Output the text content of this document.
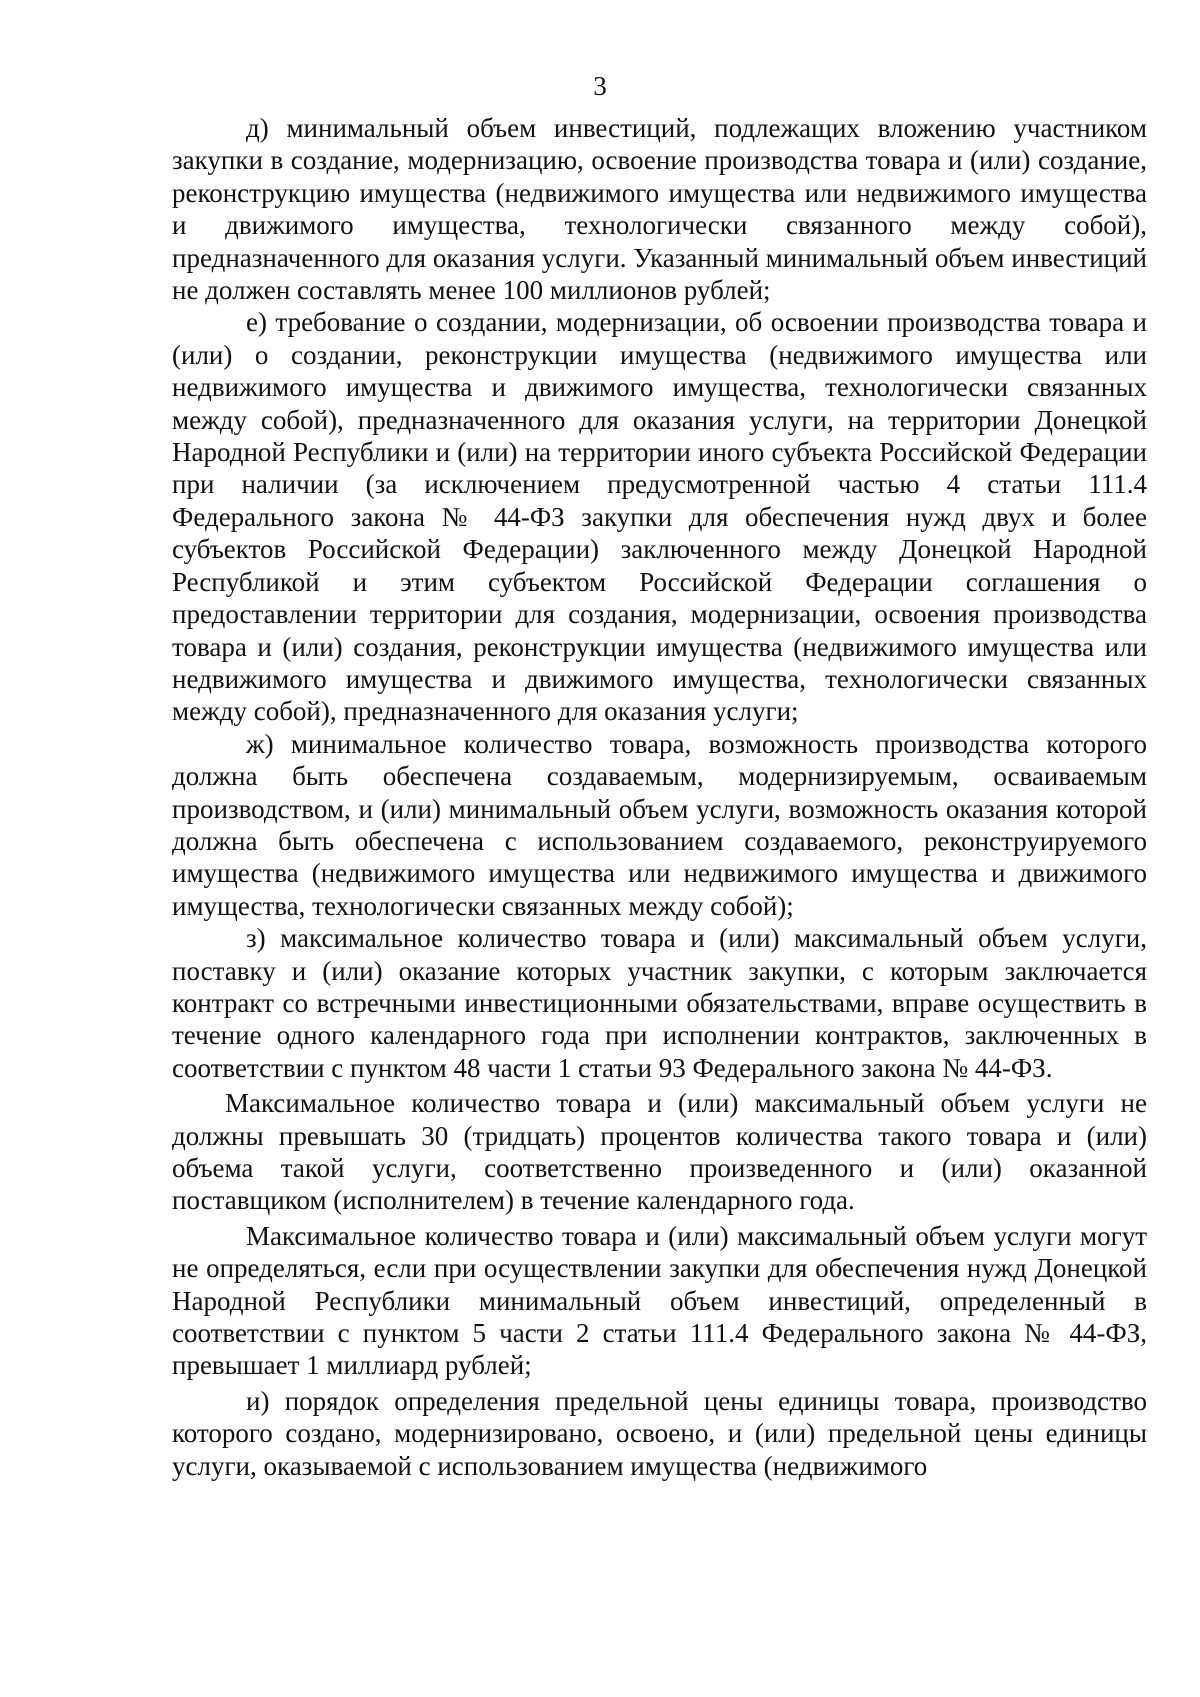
3

д) минимальный объем инвестиций, подлежащих вложению участником закупки в создание, модернизацию, освоение производства товара и (или) создание, реконструкцию имущества (недвижимого имущества или недвижимого имущества и движимого имущества, технологически связанного между собой), предназначенного для оказания услуги. Указанный минимальный объем инвестиций не должен составлять менее 100 миллионов рублей;

е) требование о создании, модернизации, об освоении производства товара и (или) о создании, реконструкции имущества (недвижимого имущества или недвижимого имущества и движимого имущества, технологически связанных между собой), предназначенного для оказания услуги, на территории Донецкой Народной Республики и (или) на территории иного субъекта Российской Федерации при наличии (за исключением предусмотренной частью 4 статьи 111.4 Федерального закона № 44-ФЗ закупки для обеспечения нужд двух и более субъектов Российской Федерации) заключенного между Донецкой Народной Республикой и этим субъектом Российской Федерации соглашения о предоставлении территории для создания, модернизации, освоения производства товара и (или) создания, реконструкции имущества (недвижимого имущества или недвижимого имущества и движимого имущества, технологически связанных между собой), предназначенного для оказания услуги;

ж) минимальное количество товара, возможность производства которого должна быть обеспечена создаваемым, модернизируемым, осваиваемым производством, и (или) минимальный объем услуги, возможность оказания которой должна быть обеспечена с использованием создаваемого, реконструируемого имущества (недвижимого имущества или недвижимого имущества и движимого имущества, технологически связанных между собой);

з) максимальное количество товара и (или) максимальный объем услуги, поставку и (или) оказание которых участник закупки, с которым заключается контракт со встречными инвестиционными обязательствами, вправе осуществить в течение одного календарного года при исполнении контрактов, заключенных в соответствии с пунктом 48 части 1 статьи 93 Федерального закона № 44-ФЗ.

Максимальное количество товара и (или) максимальный объем услуги не должны превышать 30 (тридцать) процентов количества такого товара и (или) объема такой услуги, соответственно произведенного и (или) оказанной поставщиком (исполнителем) в течение календарного года.

Максимальное количество товара и (или) максимальный объем услуги могут не определяться, если при осуществлении закупки для обеспечения нужд Донецкой Народной Республики минимальный объем инвестиций, определенный в соответствии с пунктом 5 части 2 статьи 111.4 Федерального закона № 44-ФЗ, превышает 1 миллиард рублей;

и) порядок определения предельной цены единицы товара, производство которого создано, модернизировано, освоено, и (или) предельной цены единицы услуги, оказываемой с использованием имущества (недвижимого
